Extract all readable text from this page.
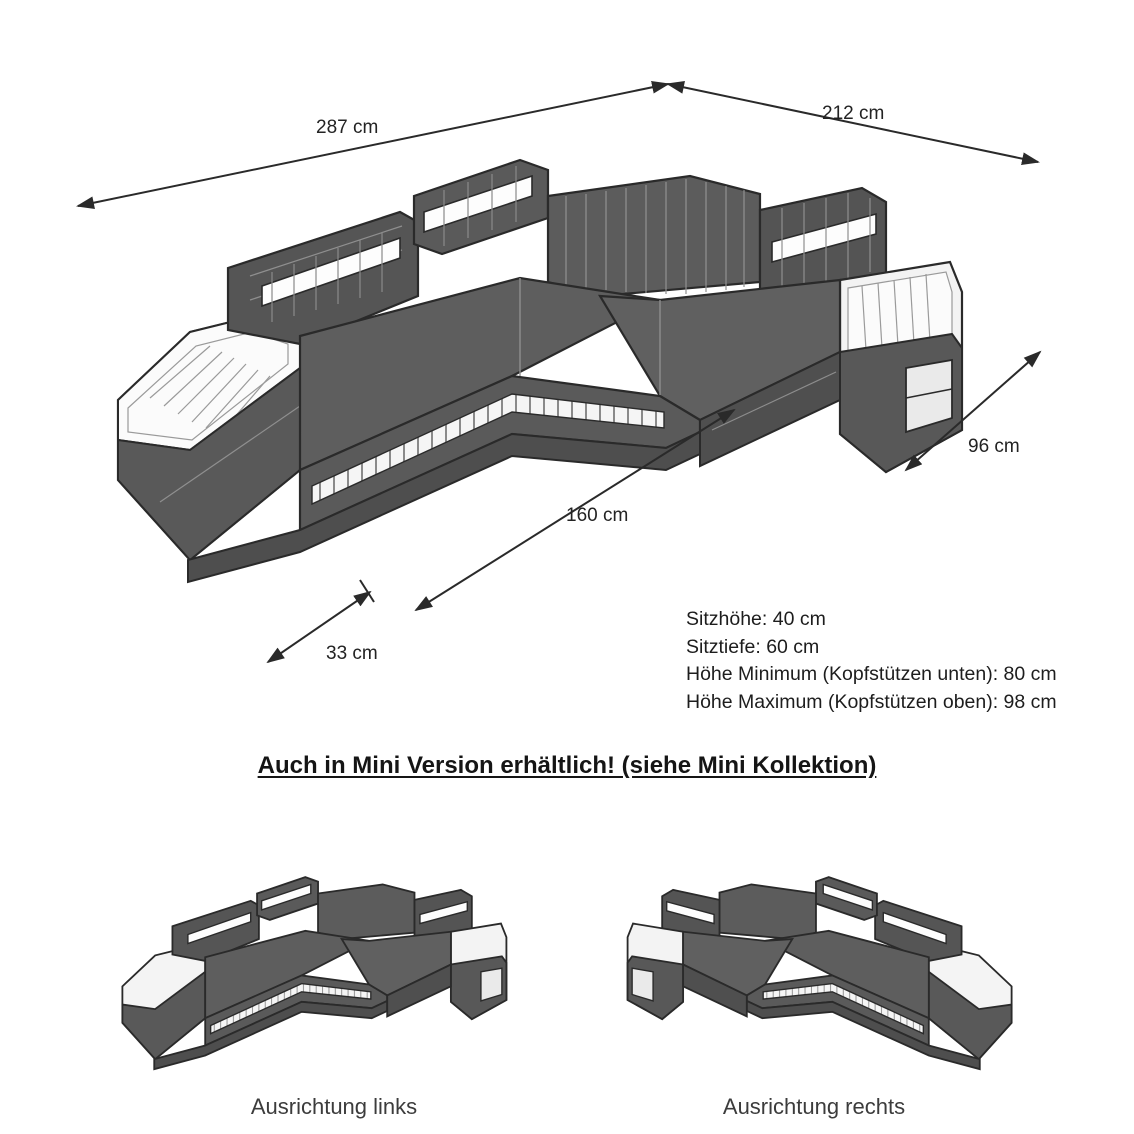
287 cm
212 cm
96 cm
160 cm
33 cm
Sitzhöhe: 40 cm
Sitztiefe: 60 cm
Höhe Minimum (Kopfstützen unten): 80 cm
Höhe Maximum (Kopfstützen oben): 98 cm
Auch in Mini Version erhältlich! (siehe Mini Kollektion)
Ausrichtung links	Ausrichtung rechts
